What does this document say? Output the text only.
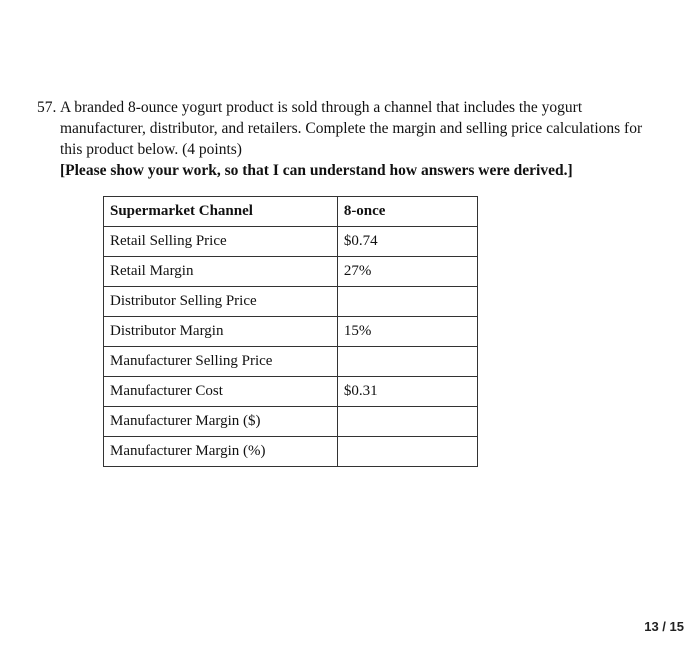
57. A branded 8-ounce yogurt product is sold through a channel that includes the yogurt
manufacturer, distributor, and retailers. Complete the margin and selling price calculations for
this product below. (4 points)
[Please show your work, so that I can understand how answers were derived.]
Supermarket Channel	8-once
Retail Selling Price	$0.74
Retail Margin	27%
Distributor Selling Price	
Distributor Margin	15%
Manufacturer Selling Price	
Manufacturer Cost	$0.31
Manufacturer Margin ($)	
Manufacturer Margin (%)	
13 / 15
